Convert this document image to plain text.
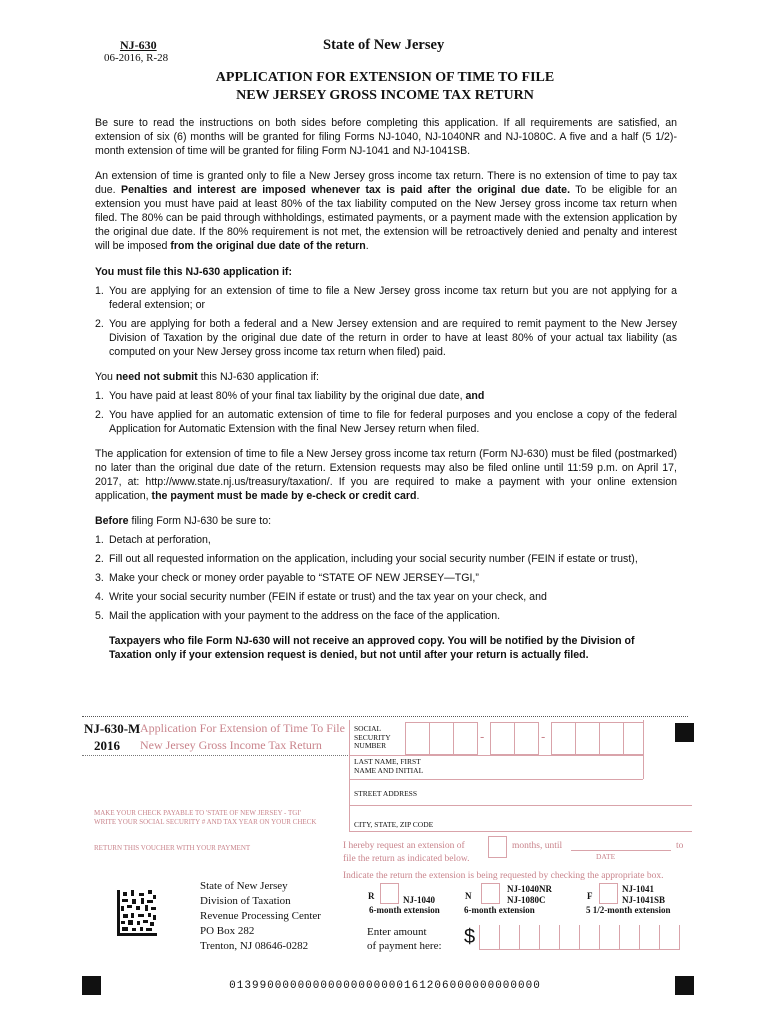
NJ-630
06-2016, R-28
State of New Jersey
APPLICATION FOR EXTENSION OF TIME TO FILE
NEW JERSEY GROSS INCOME TAX RETURN

Be sure to read the instructions on both sides before completing this application. If all requirements are satisfied, an extension of six (6) months will be granted for filing Forms NJ-1040, NJ-1040NR and NJ-1080C. A five and a half (5 1/2)-month extension of time will be granted for filing Form NJ-1041 and NJ-1041SB.

An extension of time is granted only to file a New Jersey gross income tax return. There is no extension of time to pay tax due. Penalties and interest are imposed whenever tax is paid after the original due date. To be eligible for an extension you must have paid at least 80% of the tax liability computed on the New Jersey gross income tax return when filed. The 80% can be paid through withholdings, estimated payments, or a payment made with the extension application by the original due date. If the 80% requirement is not met, the extension will be retroactively denied and penalty and interest will be imposed from the original due date of the return.

You must file this NJ-630 application if:
1. You are applying for an extension of time to file a New Jersey gross income tax return but you are not applying for a federal extension; or
2. You are applying for both a federal and a New Jersey extension and are required to remit payment to the New Jersey Division of Taxation by the original due date of the return in order to have at least 80% of your actual tax liability (as computed on your New Jersey gross income tax return when filed) paid.
You need not submit this NJ-630 application if:
1. You have paid at least 80% of your final tax liability by the original due date, and
2. You have applied for an automatic extension of time to file for federal purposes and you enclose a copy of the federal Application for Automatic Extension with the final New Jersey return when filed.

The application for extension of time to file a New Jersey gross income tax return (Form NJ-630) must be filed (postmarked) no later than the original due date of the return. Extension requests may also be filed online until 11:59 p.m. on April 17, 2017, at: http://www.state.nj.us/treasury/taxation/. If you are required to make a payment with your online extension application, the payment must be made by e-check or credit card.

Before filing Form NJ-630 be sure to:
1. Detach at perforation,
2. Fill out all requested information on the application, including your social security number (FEIN if estate or trust),
3. Make your check or money order payable to “STATE OF NEW JERSEY—TGI,”
4. Write your social security number (FEIN if estate or trust) and the tax year on your check, and
5. Mail the application with your payment to the address on the face of the application.

Taxpayers who file Form NJ-630 will not receive an approved copy. You will be notified by the Division of Taxation only if your extension request is denied, but not until after your return is actually filed.

NJ-630-M
2016
Application For Extension of Time To File
New Jersey Gross Income Tax Return
SOCIAL SECURITY NUMBER
-	-
LAST NAME, FIRST NAME AND INITIAL
STREET ADDRESS
CITY, STATE, ZIP CODE
MAKE YOUR CHECK PAYABLE TO 'STATE OF NEW JERSEY - TGI'
WRITE YOUR SOCIAL SECURITY # AND TAX YEAR ON YOUR CHECK
RETURN THIS VOUCHER WITH YOUR PAYMENT	I hereby request an extension of	months, until	to
DATE
file the return as indicated below.
Indicate the return the extension is being requested by checking the appropriate box.
R	NJ-1040
6-month extension
N
NJ-1040NR
NJ-1080C
6-month extension
F
NJ-1041
NJ-1041SB
5 1/2-month extension
State of New Jersey
Division of Taxation
Revenue Processing Center
PO Box 282
Trenton, NJ 08646-0282
Enter amount
of payment here: $
01399000000000000000000161206000000000000
